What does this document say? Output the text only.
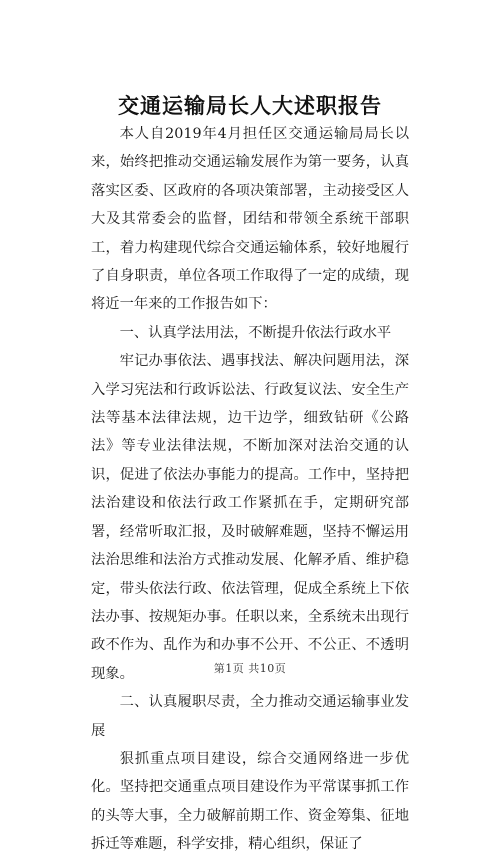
交通运输局长人大述职报告

本人自2019年4月担任区交通运输局局长以来，始终把推动交通运输发展作为第一要务，认真落实区委、区政府的各项决策部署，主动接受区人大及其常委会的监督，团结和带领全系统干部职工，着力构建现代综合交通运输体系，较好地履行了自身职责，单位各项工作取得了一定的成绩，现将近一年来的工作报告如下：

一、认真学法用法，不断提升依法行政水平

牢记办事依法、遇事找法、解决问题用法，深入学习宪法和行政诉讼法、行政复议法、安全生产法等基本法律法规，边干边学，细致钻研《公路法》等专业法律法规，不断加深对法治交通的认识，促进了依法办事能力的提高。工作中，坚持把法治建设和依法行政工作紧抓在手，定期研究部署，经常听取汇报，及时破解难题，坚持不懈运用法治思维和法治方式推动发展、化解矛盾、维护稳定，带头依法行政、依法管理，促成全系统上下依法办事、按规矩办事。任职以来，全系统未出现行政不作为、乱作为和办事不公开、不公正、不透明现象。

二、认真履职尽责，全力推动交通运输事业发展

狠抓重点项目建设，综合交通网络进一步优化。坚持把交通重点项目建设作为平常谋事抓工作的头等大事，全力破解前期工作、资金筹集、征地拆迁等难题，科学安排，精心组织，保证了

第1页 共10页
